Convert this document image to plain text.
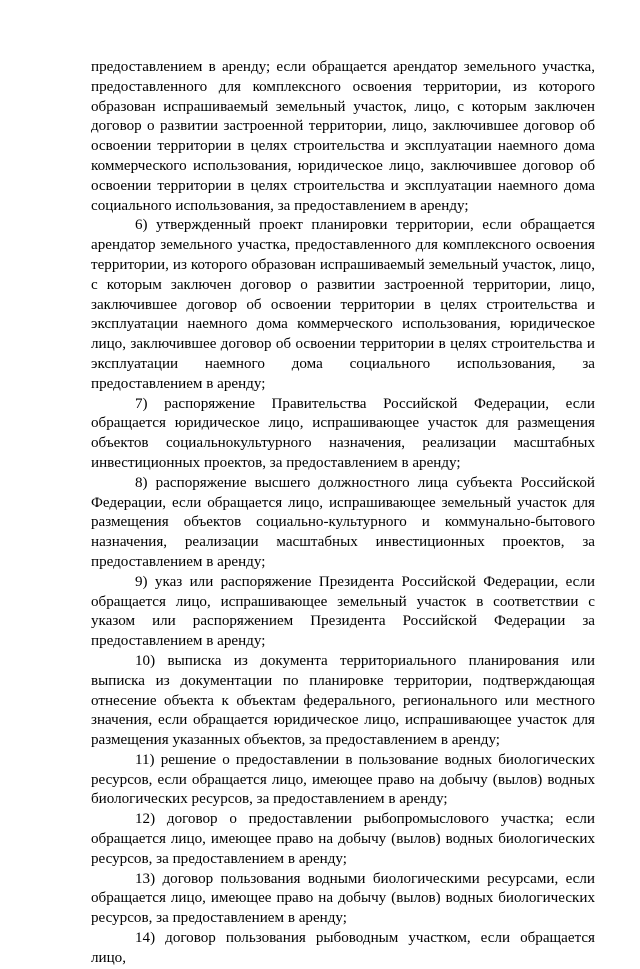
предоставлением в аренду; если обращается арендатор земельного участка, предоставленного для комплексного освоения территории, из которого образован испрашиваемый земельный участок, лицо, с которым заключен договор о развитии застроенной территории, лицо, заключившее договор об освоении территории в целях строительства и эксплуатации наемного дома коммерческого использования, юридическое лицо, заключившее договор об освоении территории в целях строительства и эксплуатации наемного дома социального использования, за предоставлением в аренду;

6) утвержденный проект планировки территории, если обращается арендатор земельного участка, предоставленного для комплексного освоения территории, из которого образован испрашиваемый земельный участок, лицо, с которым заключен договор о развитии застроенной территории, лицо, заключившее договор об освоении территории в целях строительства и эксплуатации наемного дома коммерческого использования, юридическое лицо, заключившее договор об освоении территории в целях строительства и эксплуатации наемного дома социального использования, за предоставлением в аренду;

7) распоряжение Правительства Российской Федерации, если обращается юридическое лицо, испрашивающее участок для размещения объектов социальнокультурного назначения, реализации масштабных инвестиционных проектов, за предоставлением в аренду;

8) распоряжение высшего должностного лица субъекта Российской Федерации, если обращается лицо, испрашивающее земельный участок для размещения объектов социально-культурного и коммунально-бытового назначения, реализации масштабных инвестиционных проектов, за предоставлением в аренду;

9) указ или распоряжение Президента Российской Федерации, если обращается лицо, испрашивающее земельный участок в соответствии с указом или распоряжением Президента Российской Федерации за предоставлением в аренду;

10) выписка из документа территориального планирования или выписка из документации по планировке территории, подтверждающая отнесение объекта к объектам федерального, регионального или местного значения, если обращается юридическое лицо, испрашивающее участок для размещения указанных объектов, за предоставлением в аренду;

11) решение о предоставлении в пользование водных биологических ресурсов, если обращается лицо, имеющее право на добычу (вылов) водных биологических ресурсов, за предоставлением в аренду;

12) договор о предоставлении рыбопромыслового участка; если обращается лицо, имеющее право на добычу (вылов) водных биологических ресурсов, за предоставлением в аренду;

13) договор пользования водными биологическими ресурсами, если обращается лицо, имеющее право на добычу (вылов) водных биологических ресурсов, за предоставлением в аренду;

14) договор пользования рыбоводным участком, если обращается лицо,
